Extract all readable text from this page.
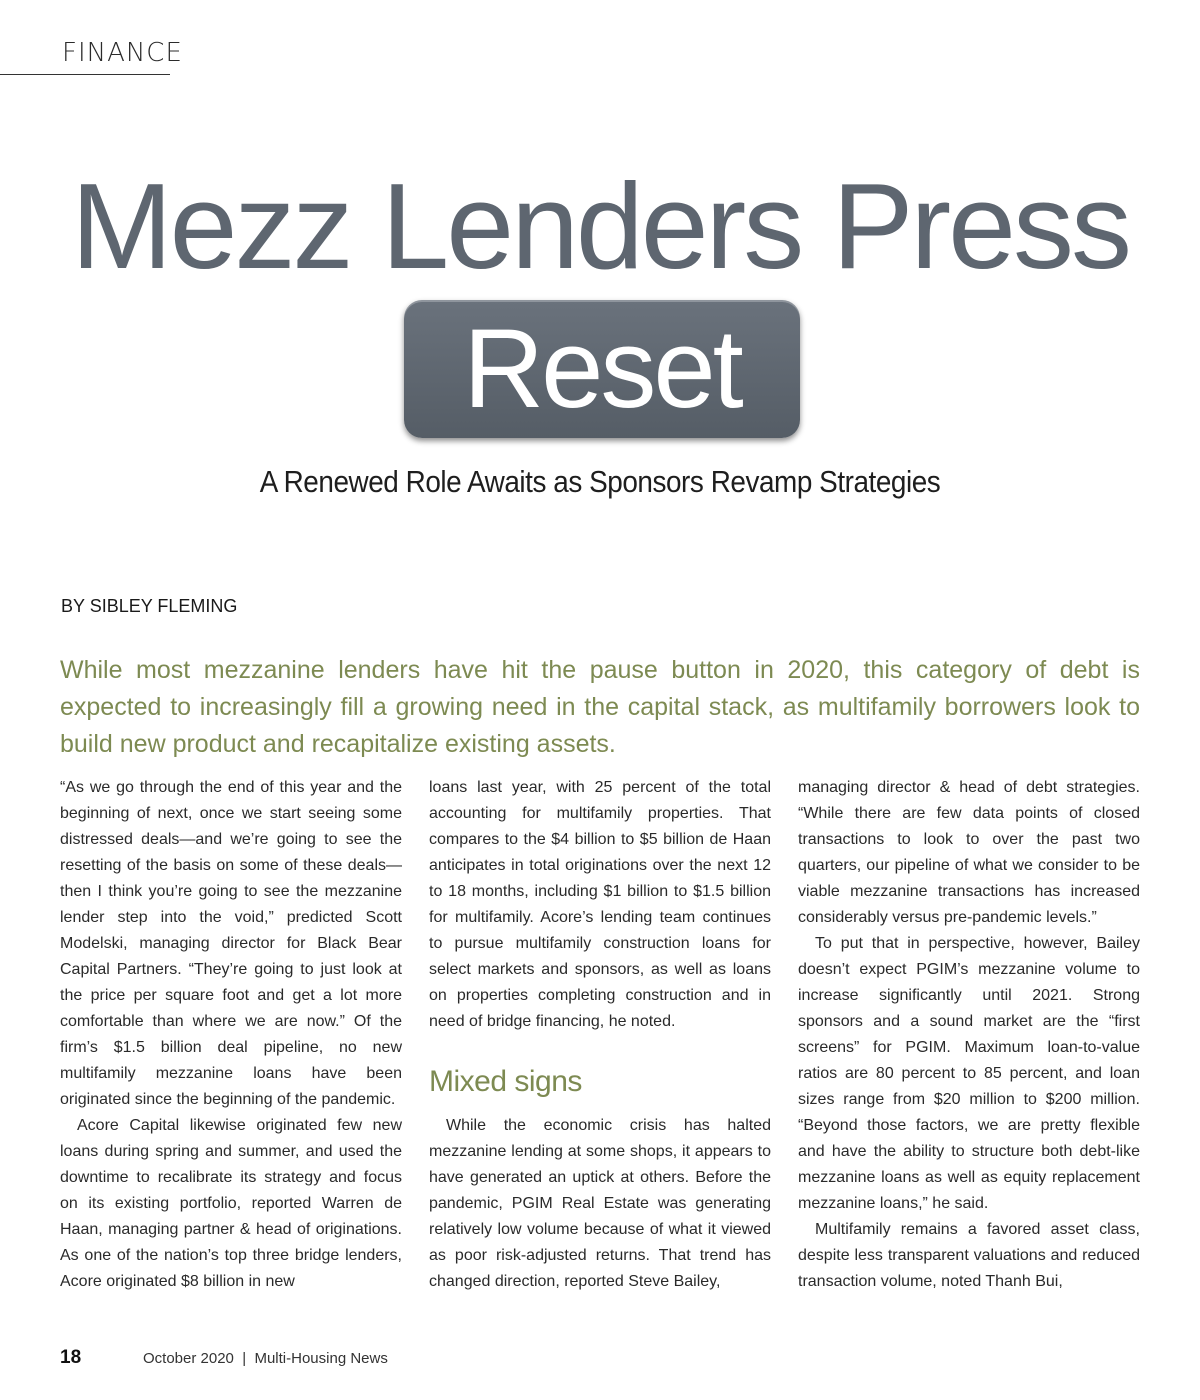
FINANCE
Mezz Lenders Press
Reset
A Renewed Role Awaits as Sponsors Revamp Strategies
BY SIBLEY FLEMING
While most mezzanine lenders have hit the pause button in 2020, this category of debt is expected to increasingly fill a growing need in the capital stack, as multifamily borrowers look to build new product and recapitalize existing assets.

“As we go through the end of this year and the beginning of next, once we start seeing some distressed deals—and we’re going to see the resetting of the basis on some of these deals—then I think you’re going to see the mezzanine lender step into the void,” predicted Scott Modelski, managing director for Black Bear Capital Partners. “They’re going to just look at the price per square foot and get a lot more comfortable than where we are now.” Of the firm’s $1.5 billion deal pipeline, no new multifamily mezzanine loans have been originated since the beginning of the pandemic.

Acore Capital likewise originated few new loans during spring and summer, and used the downtime to recalibrate its strategy and focus on its existing portfolio, reported Warren de Haan, managing partner & head of originations. As one of the nation’s top three bridge lenders, Acore originated $8 billion in new

loans last year, with 25 percent of the total accounting for multifamily properties. That compares to the $4 billion to $5 billion de Haan anticipates in total originations over the next 12 to 18 months, including $1 billion to $1.5 billion for multifamily. Acore’s lending team continues to pursue multifamily construction loans for select markets and sponsors, as well as loans on properties completing construction and in need of bridge financing, he noted.

Mixed signs

While the economic crisis has halted mezzanine lending at some shops, it appears to have generated an uptick at others. Before the pandemic, PGIM Real Estate was generating relatively low volume because of what it viewed as poor risk-adjusted returns. That trend has changed direction, reported Steve Bailey,

managing director & head of debt strategies. “While there are few data points of closed transactions to look to over the past two quarters, our pipeline of what we consider to be viable mezzanine transactions has increased considerably versus pre-pandemic levels.”

To put that in perspective, however, Bailey doesn’t expect PGIM’s mezzanine volume to increase significantly until 2021. Strong sponsors and a sound market are the “first screens” for PGIM. Maximum loan-to-value ratios are 80 percent to 85 percent, and loan sizes range from $20 million to $200 million. “Beyond those factors, we are pretty flexible and have the ability to structure both debt-like mezzanine loans as well as equity replacement mezzanine loans,” he said.

Multifamily remains a favored asset class, despite less transparent valuations and reduced transaction volume, noted Thanh Bui,

18	October 2020  |  Multi-Housing News
